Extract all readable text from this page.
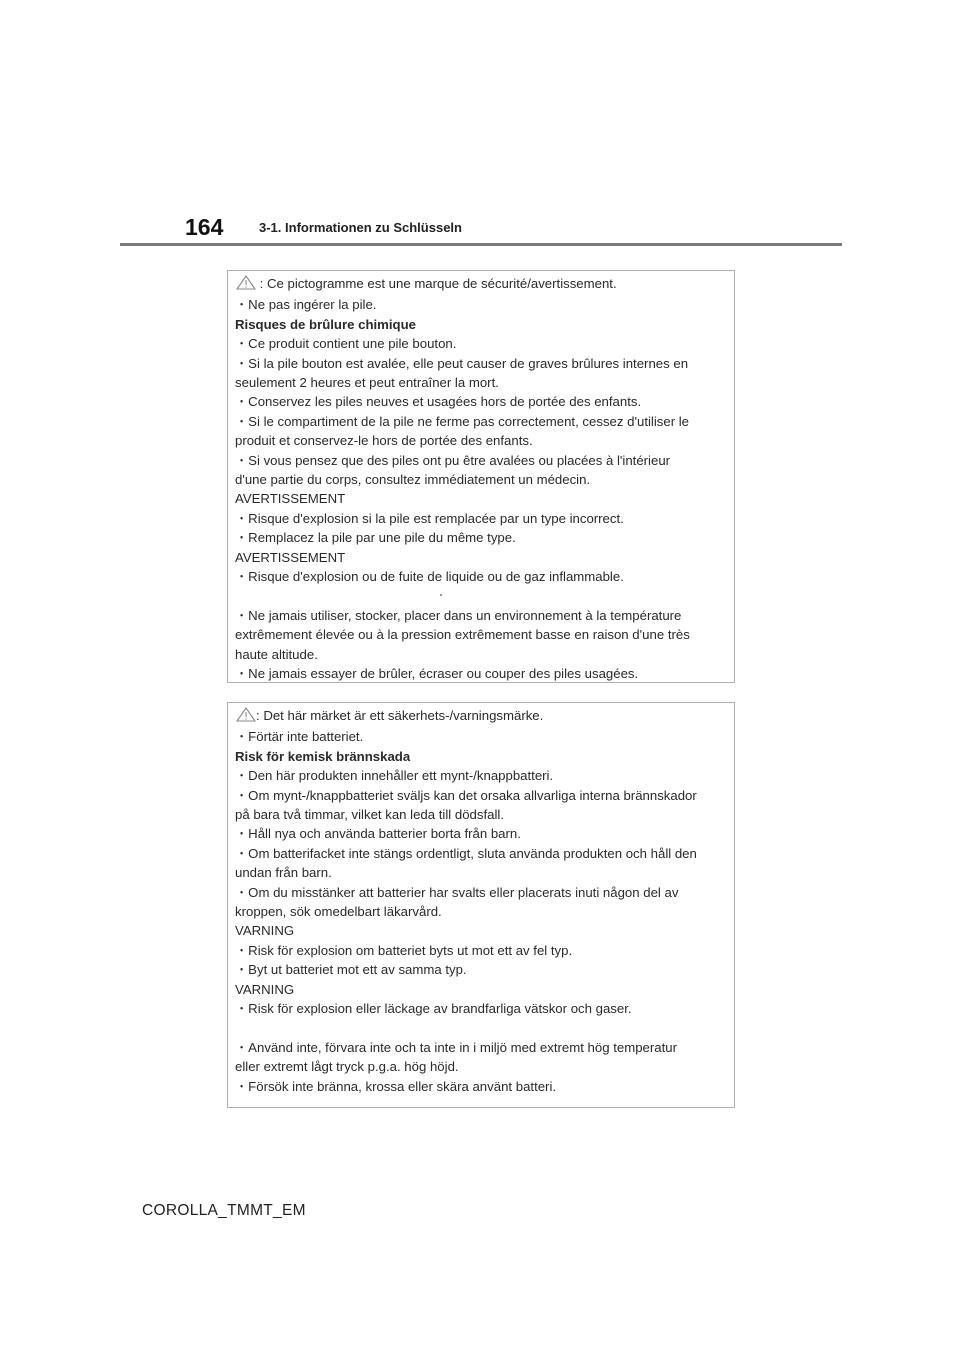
164	3-1. Informationen zu Schlüsseln

: Ce pictogramme est une marque de sécurité/avertissement.

・Ne pas ingérer la pile.

Risques de brûlure chimique

・Ce produit contient une pile bouton.

・Si la pile bouton est avalée, elle peut causer de graves brûlures internes en

seulement 2 heures et peut entraîner la mort.

・Conservez les piles neuves et usagées hors de portée des enfants.

・Si le compartiment de la pile ne ferme pas correctement, cessez d'utiliser le

produit et conservez-le hors de portée des enfants.

・Si vous pensez que des piles ont pu être avalées ou placées à l'intérieur

d'une partie du corps, consultez immédiatement un médecin.

AVERTISSEMENT

・Risque d'explosion si la pile est remplacée par un type incorrect.

・Remplacez la pile par une pile du même type.

AVERTISSEMENT

・Risque d'explosion ou de fuite de liquide ou de gaz inflammable.

・Ne jamais utiliser, stocker, placer dans un environnement à la température

extrêmement élevée ou à la pression extrêmement basse en raison d'une très

haute altitude.

・Ne jamais essayer de brûler, écraser ou couper des piles usagées.

: Det här märket är ett säkerhets-/varningsmärke.

・Förtär inte batteriet.

Risk för kemisk brännskada

・Den här produkten innehåller ett mynt-/knappbatteri.

・Om mynt-/knappbatteriet sväljs kan det orsaka allvarliga interna brännskador

på bara två timmar, vilket kan leda till dödsfall.

・Håll nya och använda batterier borta från barn.

・Om batterifacket inte stängs ordentligt, sluta använda produkten och håll den

undan från barn.

・Om du misstänker att batterier har svalts eller placerats inuti någon del av

kroppen, sök omedelbart läkarvård.

VARNING

・Risk för explosion om batteriet byts ut mot ett av fel typ.

・Byt ut batteriet mot ett av samma typ.

VARNING

・Risk för explosion eller läckage av brandfarliga vätskor och gaser.

・Använd inte, förvara inte och ta inte in i miljö med extremt hög temperatur

eller extremt lågt tryck p.g.a. hög höjd.

・Försök inte bränna, krossa eller skära använt batteri.

COROLLA_TMMT_EM
